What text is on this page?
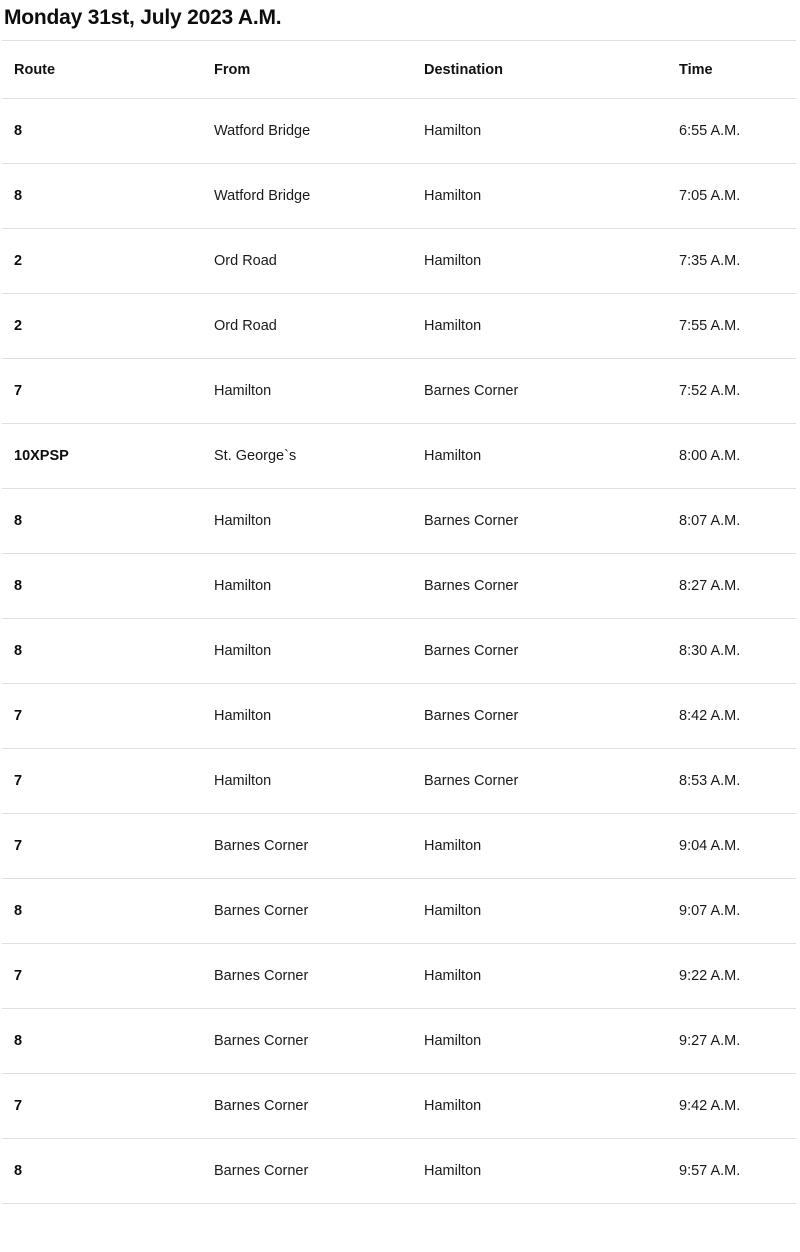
Monday 31st, July 2023 A.M.
Route	From	Destination	Time
8	Watford Bridge	Hamilton	6:55 A.M.
8	Watford Bridge	Hamilton	7:05 A.M.
2	Ord Road	Hamilton	7:35 A.M.
2	Ord Road	Hamilton	7:55 A.M.
7	Hamilton	Barnes Corner	7:52 A.M.
10XPSP	St. George`s	Hamilton	8:00 A.M.
8	Hamilton	Barnes Corner	8:07 A.M.
8	Hamilton	Barnes Corner	8:27 A.M.
8	Hamilton	Barnes Corner	8:30 A.M.
7	Hamilton	Barnes Corner	8:42 A.M.
7	Hamilton	Barnes Corner	8:53 A.M.
7	Barnes Corner	Hamilton	9:04 A.M.
8	Barnes Corner	Hamilton	9:07 A.M.
7	Barnes Corner	Hamilton	9:22 A.M.
8	Barnes Corner	Hamilton	9:27 A.M.
7	Barnes Corner	Hamilton	9:42 A.M.
8	Barnes Corner	Hamilton	9:57 A.M.
